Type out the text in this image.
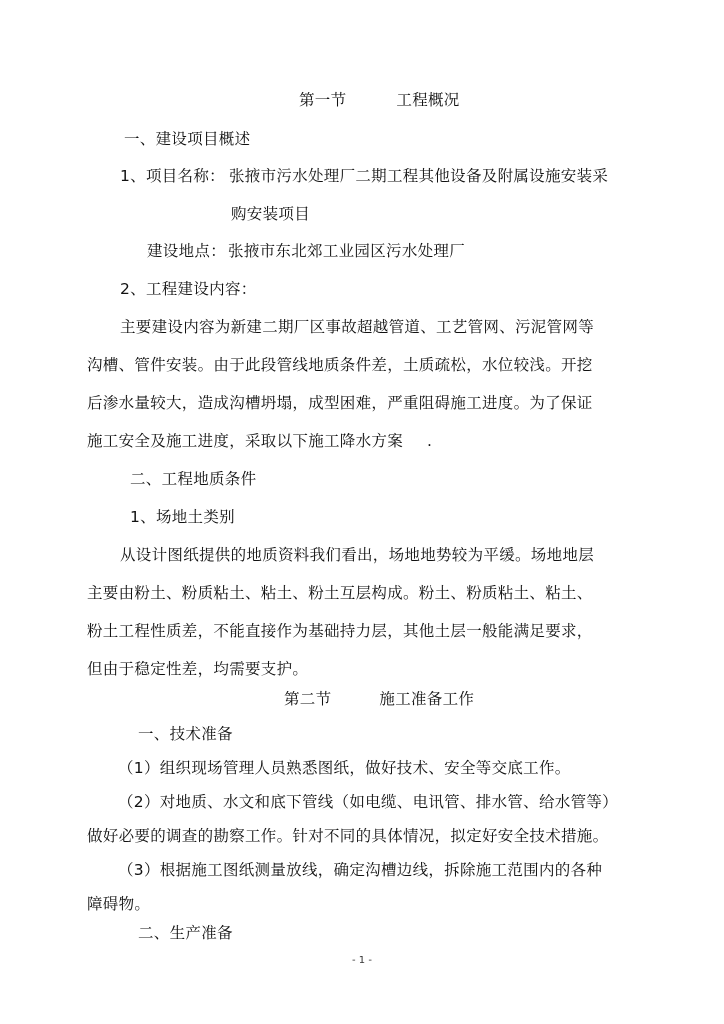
第一节	工程概况
一、建设项目概述
1、项目名称： 张掖市污水处理厂二期工程其他设备及附属设施安装采
购安装项目
建设地点： 张掖市东北郊工业园区污水处理厂
2、工程建设内容：
主要建设内容为新建二期厂区事故超越管道、工艺管网、污泥管网等
沟槽、管件安装。由于此段管线地质条件差，土质疏松，水位较浅。开挖
后渗水量较大，造成沟槽坍塌，成型困难，严重阻碍施工进度。为了保证
施工安全及施工进度，采取以下施工降水方案 .
二、工程地质条件
1、场地土类别
从设计图纸提供的地质资料我们看出，场地地势较为平缓。场地地层
主要由粉土、粉质粘土、粘土、粉土互层构成。粉土、粉质粘土、粘土、
粉土工程性质差，不能直接作为基础持力层，其他土层一般能满足要求，
但由于稳定性差，均需要支护。
第二节	施工准备工作
一、技术准备
（1）组织现场管理人员熟悉图纸，做好技术、安全等交底工作。
（2）对地质、水文和底下管线（如电缆、电讯管、排水管、给水管等）
做好必要的调查的勘察工作。针对不同的具体情况，拟定好安全技术措施。
（3）根据施工图纸测量放线，确定沟槽边线，拆除施工范围内的各种
障碍物。
二、生产准备
- 1 -
